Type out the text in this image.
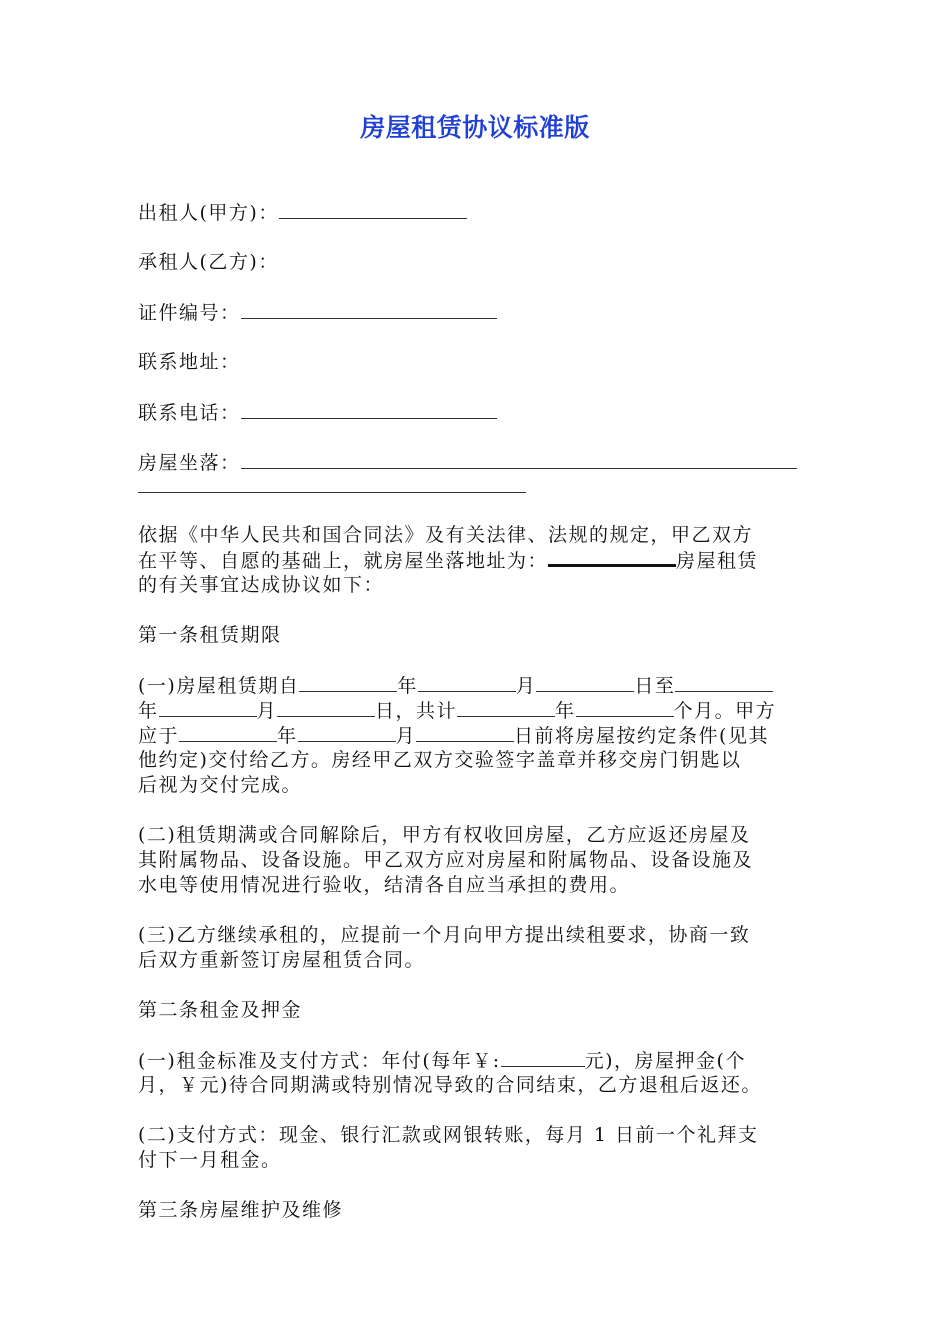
房屋租赁协议标准版
出租人(甲方)：
承租人(乙方)：
证件编号：
联系地址：
联系电话：
房屋坐落：
依据《中华人民共和国合同法》及有关法律、法规的规定，甲乙双方
在平等、自愿的基础上，就房屋坐落地址为：	房屋租赁
的有关事宜达成协议如下：
第一条租赁期限
(一)房屋租赁期自	年	月	日至
年	月	日，共计	年	个月。甲方
应于	年	月	日前将房屋按约定条件(见其
他约定)交付给乙方。房经甲乙双方交验签字盖章并移交房门钥匙以
后视为交付完成。
(二)租赁期满或合同解除后，甲方有权收回房屋，乙方应返还房屋及
其附属物品、设备设施。甲乙双方应对房屋和附属物品、设备设施及
水电等使用情况进行验收，结清各自应当承担的费用。
(三)乙方继续承租的，应提前一个月向甲方提出续租要求，协商一致
后双方重新签订房屋租赁合同。
第二条租金及押金
(一)租金标准及支付方式：年付(每年￥:	元)，房屋押金(个
月，￥元)待合同期满或特别情况导致的合同结束，乙方退租后返还。
(二)支付方式：现金、银行汇款或网银转账，每月 1 日前一个礼拜支
付下一月租金。
第三条房屋维护及维修
